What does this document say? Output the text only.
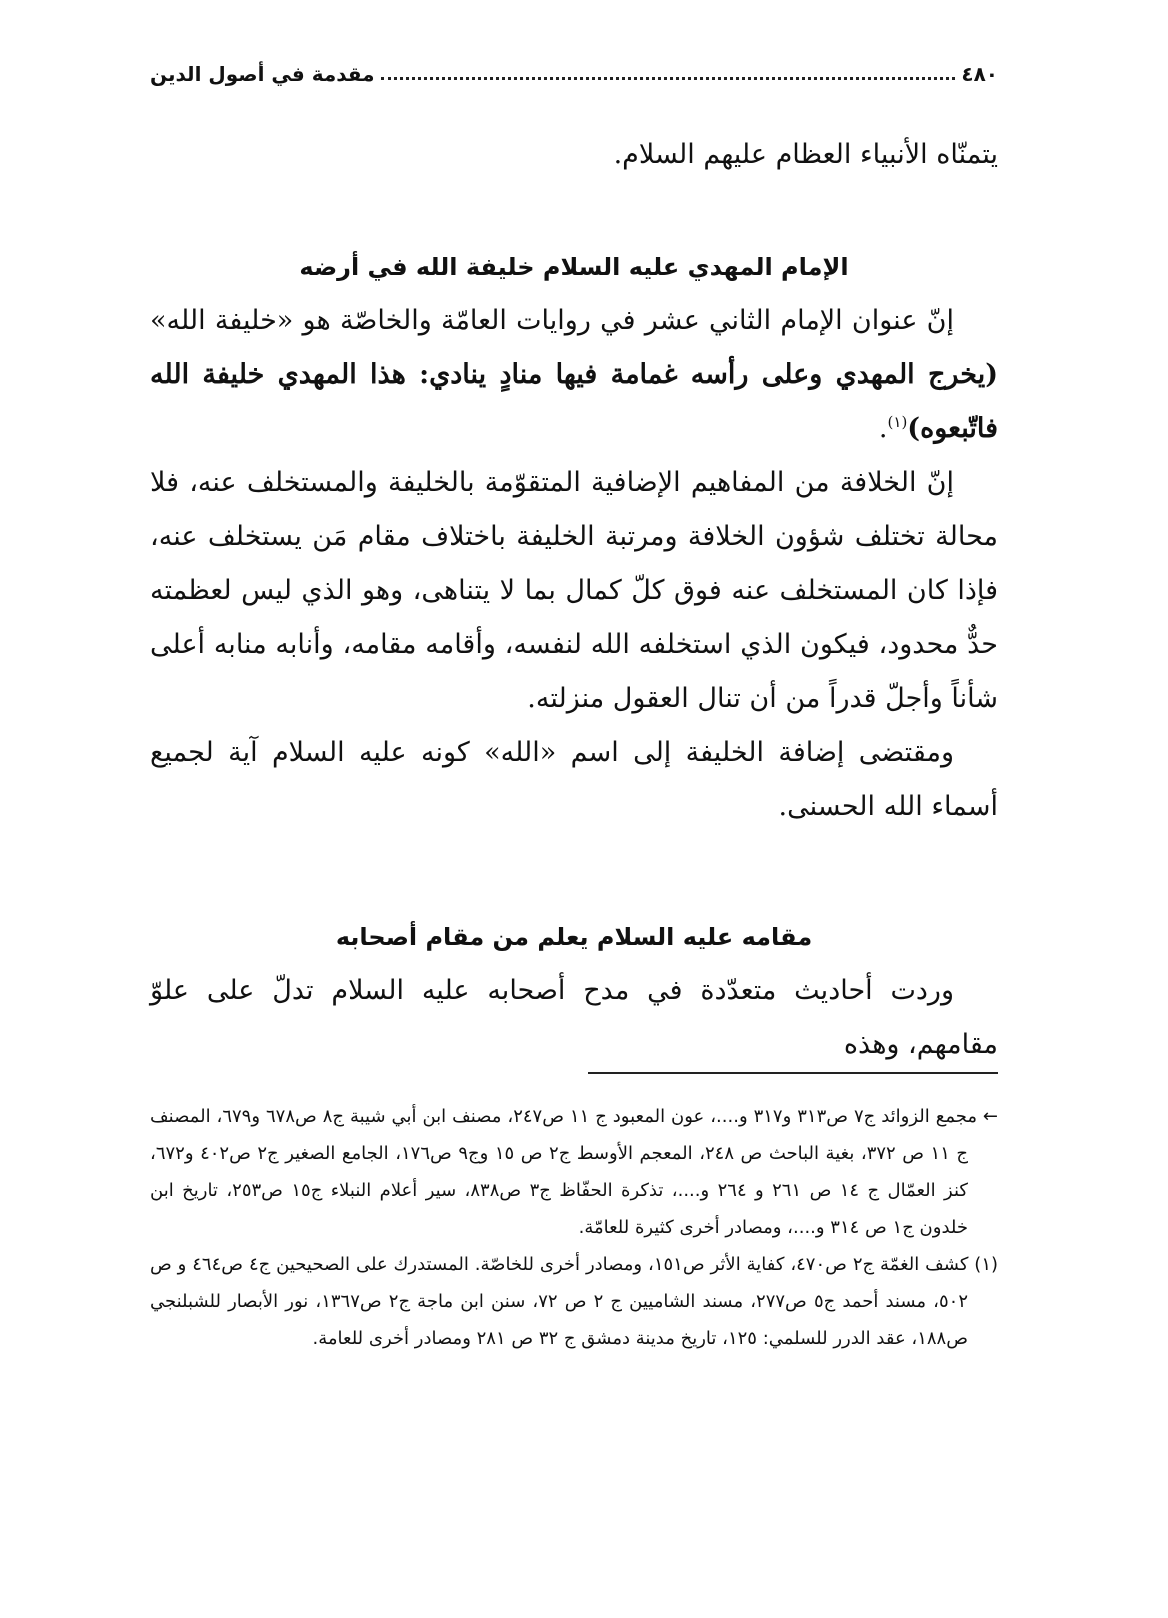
٤٨٠
مقدمة في أصول الدين

يتمنّاه الأنبياء العظام عليهم السلام.

الإمام المهدي عليه السلام خليفة الله في أرضه

إنّ عنوان الإمام الثاني عشر في روايات العامّة والخاصّة هو «خليفة الله» (يخرج المهدي وعلى رأسه غمامة فيها منادٍ ينادي: هذا المهدي خليفة الله فاتّبعوه)$^{(١)}$.

إنّ الخلافة من المفاهيم الإضافية المتقوّمة بالخليفة والمستخلف عنه، فلا محالة تختلف شؤون الخلافة ومرتبة الخليفة باختلاف مقام مَن يستخلف عنه، فإذا كان المستخلف عنه فوق كلّ كمال بما لا يتناهى، وهو الذي ليس لعظمته حدٌّ محدود، فيكون الذي استخلفه الله لنفسه، وأقامه مقامه، وأنابه منابه أعلى شأناً وأجلّ قدراً من أن تنال العقول منزلته.

ومقتضى إضافة الخليفة إلى اسم «الله» كونه عليه السلام آية لجميع أسماء الله الحسنى.

مقامه عليه السلام يعلم من مقام أصحابه

وردت أحاديث متعدّدة في مدح أصحابه عليه السلام تدلّ على علوّ مقامهم، وهذه

← مجمع الزوائد ج٧ ص٣١٣ و٣١٧ و....، عون المعبود ج ١١ ص٢٤٧، مصنف ابن أبي شيبة ج٨ ص٦٧٨ و٦٧٩، المصنف ج ١١ ص ٣٧٢، بغية الباحث ص ٢٤٨، المعجم الأوسط ج٢ ص ١٥ وج٩ ص١٧٦، الجامع الصغير ج٢ ص٤٠٢ و٦٧٢، كنز العمّال ج ١٤ ص ٢٦١ و ٢٦٤ و....، تذكرة الحفّاظ ج٣ ص٨٣٨، سير أعلام النبلاء ج١٥ ص٢٥٣، تاريخ ابن خلدون ج١ ص ٣١٤ و....، ومصادر أخرى كثيرة للعامّة.

(١) كشف الغمّة ج٢ ص٤٧٠، كفاية الأثر ص١٥١، ومصادر أخرى للخاصّة. المستدرك على الصحيحين ج٤ ص٤٦٤ و ص ٥٠٢، مسند أحمد ج٥ ص٢٧٧، مسند الشاميين ج ٢ ص ٧٢، سنن ابن ماجة ج٢ ص١٣٦٧، نور الأبصار للشبلنجي ص١٨٨، عقد الدرر للسلمي: ١٢٥، تاريخ مدينة دمشق ج ٣٢ ص ٢٨١ ومصادر أخرى للعامة.
